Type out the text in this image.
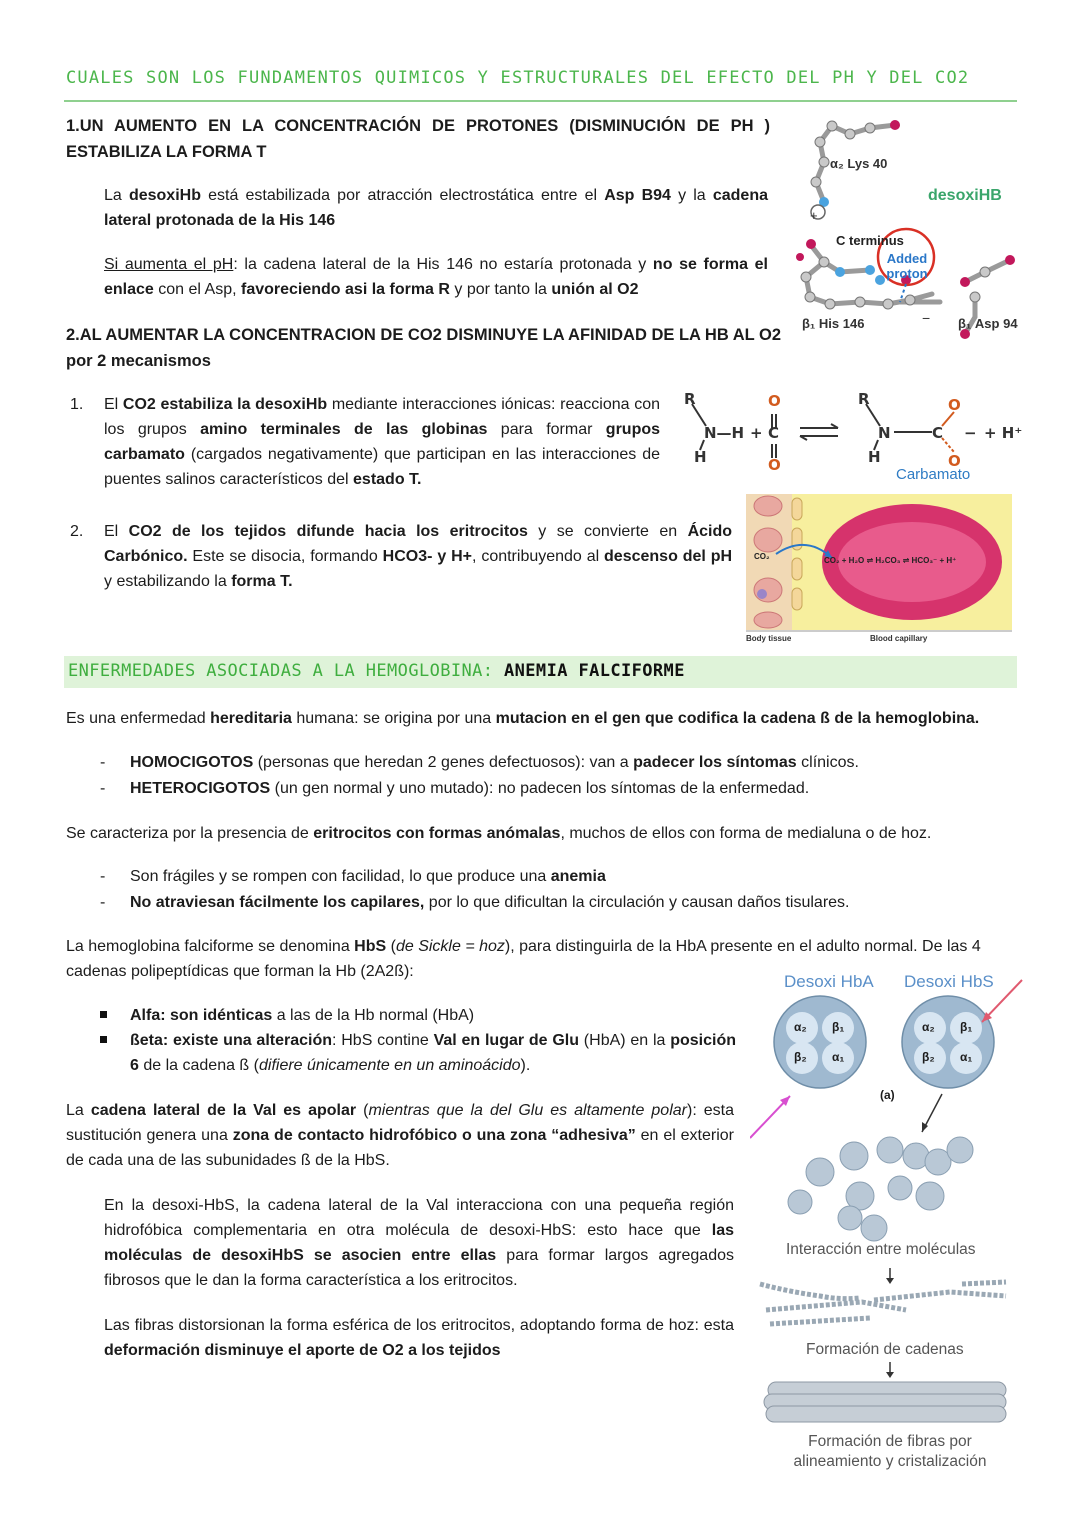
CUALES SON LOS FUNDAMENTOS QUIMICOS Y ESTRUCTURALES DEL EFECTO DEL PH Y DEL CO2
1.UN AUMENTO EN LA CONCENTRACIÓN DE PROTONES (DISMINUCIÓN DE PH ) ESTABILIZA LA FORMA T
La desoxiHb está estabilizada por atracción electrostática entre el Asp B94 y la cadena lateral protonada de la His 146
Si aumenta el pH: la cadena lateral de la His 146 no estaría protonada y no se forma el enlace con el Asp, favoreciendo asi la forma R y por tanto la unión al O2
α₂ Lys 40
desoxiHB
C terminus
Added
proton
β₁ His 146	β₁ Asp 94
+
−
2.AL AUMENTAR LA CONCENTRACION DE CO2 DISMINUYE LA AFINIDAD DE LA HB AL O2 por 2 mecanismos
1. El CO2 estabiliza la desoxiHb mediante interacciones iónicas: reacciona con los grupos amino terminales de las globinas para formar grupos carbamato (cargados negativamente) que participan en las interacciones de puentes salinos característicos del estado T.
R
N—H
H
+
O
C
O
R
N
H
C
O
O
− + H⁺
Carbamato
2. El CO2 de los tejidos difunde hacia los eritrocitos y se convierte en Ácido Carbónico. Este se disocia, formando HCO3- y H+, contribuyendo al descenso del pH y estabilizando la forma T.
CO₂	CO₂ + H₂O ⇌ H₂CO₃ ⇌ HCO₃⁻ + H⁺
Body tissue	Blood capillary
ENFERMEDADES ASOCIADAS A LA HEMOGLOBINA: ANEMIA FALCIFORME
Es una enfermedad hereditaria humana: se origina por una mutacion en el gen que codifica la cadena ß de la hemoglobina.
- HOMOCIGOTOS (personas que heredan 2 genes defectuosos): van a padecer los síntomas clínicos.
- HETEROCIGOTOS (un gen normal y uno mutado): no padecen los síntomas de la enfermedad.
Se caracteriza por la presencia de eritrocitos con formas anómalas, muchos de ellos con forma de medialuna o de hoz.
- Son frágiles y se rompen con facilidad, lo que produce una anemia
- No atraviesan fácilmente los capilares, por lo que dificultan la circulación y causan daños tisulares.
La hemoglobina falciforme se denomina HbS (de Sickle = hoz), para distinguirla de la HbA presente en el adulto normal. De las 4 cadenas polipeptídicas que forman la Hb (2A2ß):
Alfa: son idénticas a las de la Hb normal (HbA)
ßeta: existe una alteración: HbS contine Val en lugar de Glu (HbA) en la posición 6 de la cadena ß (difiere únicamente en un aminoácido).
La cadena lateral de la Val es apolar (mientras que la del Glu es altamente polar): esta sustitución genera una zona de contacto hidrofóbico o una zona “adhesiva” en el exterior de cada una de las subunidades ß de la HbS.
En la desoxi-HbS, la cadena lateral de la Val interacciona con una pequeña región hidrofóbica complementaria en otra molécula de desoxi-HbS: esto hace que las moléculas de desoxiHbS se asocien entre ellas para formar largos agregados fibrosos que le dan la forma característica a los eritrocitos.
Las fibras distorsionan la forma esférica de los eritrocitos, adoptando forma de hoz: esta deformación disminuye el aporte de O2 a los tejidos
Desoxi HbA Desoxi HbS
α₂ β₁
β₂ α₁
α₂ β₁
β₂ α₁
(a)
Interacción entre moléculas
Formación de cadenas
Formación de fibras por
alineamiento y cristalización
